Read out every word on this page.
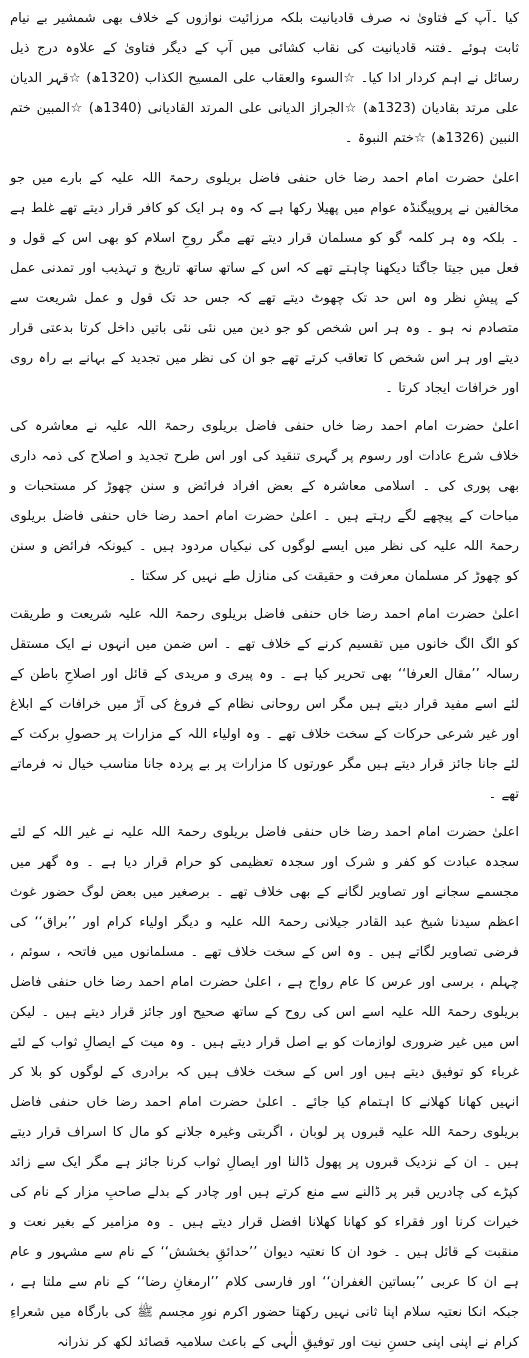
کیا ۔آپ کے فتاویٰ نہ صرف قادیانیت بلکہ مرزائیت نوازوں کے خلاف بھی شمشیر بے نیام ثابت ہوئے ۔فتنہ قادیانیت کی نقاب کشائی میں آپ کے دیگر فتاویٰ کے علاوہ درج ذیل رسائل نے اہم کردار ادا کیا۔ ☆السوء والعقاب علی المسیح الکذاب (1320ھ) ☆قہر الدیان علی مرتد بقادیان (1323ھ) ☆الجراز الدیانی علی المرتد القادیانی (1340ھ) ☆المبین ختم النبین (1326ھ) ☆ختم النبوۃ ۔

اعلیٰ حضرت امام احمد رضا خاں حنفی فاضل بریلوی رحمۃ اللہ علیہ کے بارے میں جو مخالفین نے پروپیگنڈہ عوام میں پھیلا رکھا ہے کہ وہ ہر ایک کو کافر قرار دیتے تھے غلط ہے ۔ بلکہ وہ ہر کلمہ گو کو مسلمان قرار دیتے تھے مگر روحِ اسلام کو بھی اس کے قول و فعل میں جیتا جاگتا دیکھنا چاہتے تھے کہ اس کے ساتھ ساتھ تاریخ و تہذیب اور تمدنی عمل کے پیشِ نظر وہ اس حد تک چھوٹ دیتے تھے کہ جس حد تک قول و عمل شریعت سے متصادم نہ ہو ۔ وہ ہر اس شخص کو جو دین میں نئی نئی باتیں داخل کرتا بدعتی قرار دیتے اور ہر اس شخص کا تعاقب کرتے تھے جو ان کی نظر میں تجدید کے بہانے بے راہ روی اور خرافات ایجاد کرتا ۔

اعلیٰ حضرت امام احمد رضا خاں حنفی فاضل بریلوی رحمۃ اللہ علیہ نے معاشرہ کی خلاف شرع عادات اور رسوم پر گہری تنقید کی اور اس طرح تجدید و اصلاح کی ذمہ داری بھی پوری کی ۔ اسلامی معاشرہ کے بعض افراد فرائض و سنن چھوڑ کر مستحبات و مباحات کے پیچھے لگے رہتے ہیں ۔ اعلیٰ حضرت امام احمد رضا خاں حنفی فاضل بریلوی رحمۃ اللہ علیہ کی نظر میں ایسے لوگوں کی نیکیاں مردود ہیں ۔ کیونکہ فرائض و سنن کو چھوڑ کر مسلمان معرفت و حقیقت کی منازل طے نہیں کر سکتا ۔

اعلیٰ حضرت امام احمد رضا خاں حنفی فاضل بریلوی رحمۃ اللہ علیہ شریعت و طریقت کو الگ الگ خانوں میں تقسیم کرنے کے خلاف تھے ۔ اس ضمن میں انہوں نے ایک مستقل رسالہ ’’مقال العرفا‘‘ بھی تحریر کیا ہے ۔ وہ پیری و مریدی کے قائل اور اصلاحِ باطن کے لئے اسے مفید قرار دیتے ہیں مگر اس روحانی نظام کے فروغ کی آڑ میں خرافات کے ابلاغ اور غیر شرعی حرکات کے سخت خلاف تھے ۔ وہ اولیاء اللہ کے مزارات پر حصولِ برکت کے لئے جانا جائز قرار دیتے ہیں مگر عورتوں کا مزارات پر بے پردہ جانا مناسب خیال نہ فرماتے تھے ۔

اعلیٰ حضرت امام احمد رضا خاں حنفی فاضل بریلوی رحمۃ اللہ علیہ نے غیر اللہ کے لئے سجدہ عبادت کو کفر و شرک اور سجدہ تعظیمی کو حرام قرار دیا ہے ۔ وہ گھر میں مجسمے سجانے اور تصاویر لگانے کے بھی خلاف تھے ۔ برصغیر میں بعض لوگ حضور غوث اعظم سیدنا شیخ عبد القادر جیلانی رحمۃ اللہ علیہ و دیگر اولیاء کرام اور ’’براق‘‘ کی فرضی تصاویر لگاتے ہیں ۔ وہ اس کے سخت خلاف تھے ۔ مسلمانوں میں فاتحہ ، سوئم ، چہلم ، برسی اور عرس کا عام رواج ہے ، اعلیٰ حضرت امام احمد رضا خاں حنفی فاضل بریلوی رحمۃ اللہ علیہ اسے اس کی روح کے ساتھ صحیح اور جائز قرار دیتے ہیں ۔ لیکن اس میں غیر ضروری لوازمات کو بے اصل قرار دیتے ہیں ۔ وہ میت کے ایصالِ ثواب کے لئے غرباء کو توفیق دیتے ہیں اور اس کے سخت خلاف ہیں کہ برادری کے لوگوں کو بلا کر انہیں کھانا کھلانے کا اہتمام کیا جائے ۔ اعلیٰ حضرت امام احمد رضا خاں حنفی فاضل بریلوی رحمۃ اللہ علیہ قبروں پر لوبان ، اگربتی وغیرہ جلانے کو مال کا اسراف قرار دیتے ہیں ۔ ان کے نزدیک قبروں پر پھول ڈالنا اور ایصالِ ثواب کرنا جائز ہے مگر ایک سے زائد کپڑے کی چادریں قبر پر ڈالنے سے منع کرتے ہیں اور چادر کے بدلے صاحبِ مزار کے نام کی خیرات کرنا اور فقراء کو کھانا کھلانا افضل قرار دیتے ہیں ۔ وہ مزامیر کے بغیر نعت و منقبت کے قائل ہیں ۔ خود ان کا نعتیہ دیوان ’’حدائقِ بخشش‘‘ کے نام سے مشہور و عام ہے ان کا عربی ’’بساتین الغفران‘‘ اور فارسی کلام ’’ارمغانِ رضا‘‘ کے نام سے ملتا ہے ، جبکہ انکا نعتیہ سلام اپنا ثانی نہیں رکھتا حضور اکرم نورِ مجسم ﷺ کی بارگاہ میں شعراءِ کرام نے اپنی اپنی حسنِ نیت اور توفیقِ الٰہی کے باعث سلامیہ قصائد لکھ کر نذرانہ
